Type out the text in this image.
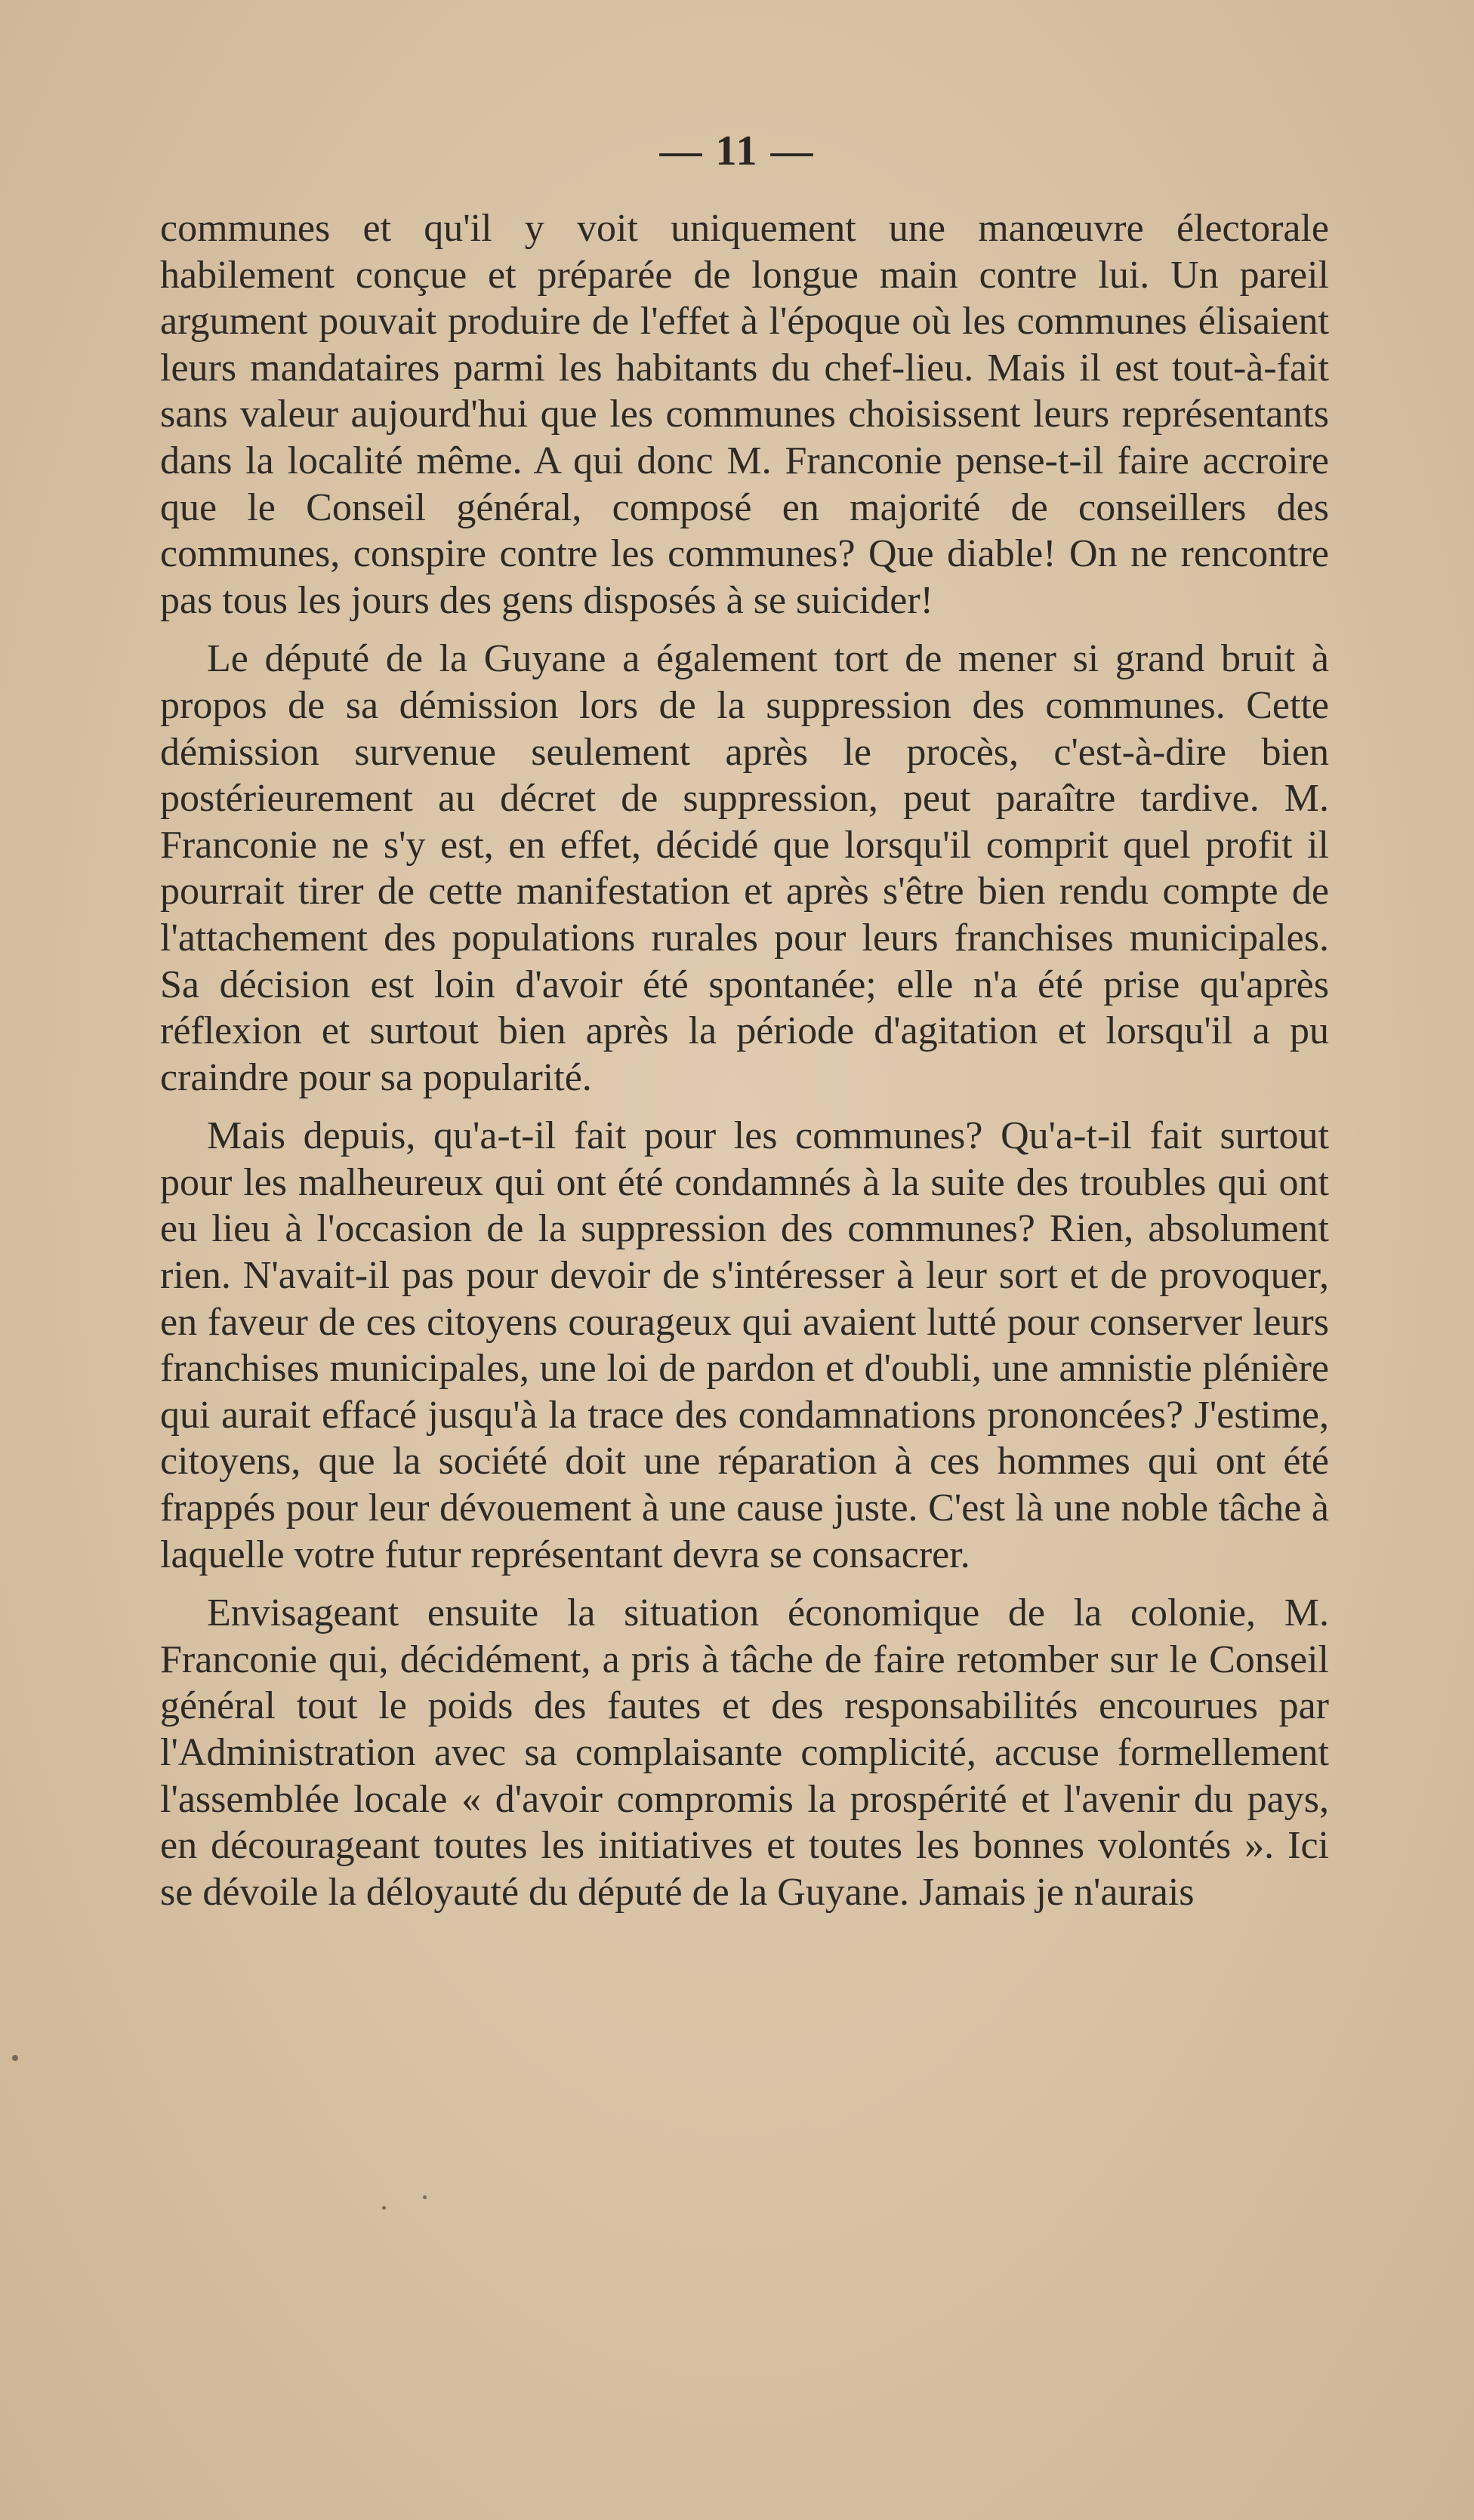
— 11 —

communes et qu'il y voit uniquement une manœuvre électorale habilement conçue et préparée de longue main contre lui. Un pareil argument pouvait produire de l'effet à l'époque où les communes élisaient leurs mandataires parmi les habitants du chef-lieu. Mais il est tout-à-fait sans valeur aujourd'hui que les communes choisissent leurs représentants dans la localité même. A qui donc M. Franconie pense-t-il faire accroire que le Conseil général, composé en majorité de conseillers des communes, conspire contre les communes? Que diable! On ne rencontre pas tous les jours des gens disposés à se suicider!

Le député de la Guyane a également tort de mener si grand bruit à propos de sa démission lors de la suppression des communes. Cette démission survenue seulement après le procès, c'est-à-dire bien postérieurement au décret de suppression, peut paraître tardive. M. Franconie ne s'y est, en effet, décidé que lorsqu'il comprit quel profit il pourrait tirer de cette manifestation et après s'être bien rendu compte de l'attachement des populations rurales pour leurs franchises municipales. Sa décision est loin d'avoir été spontanée; elle n'a été prise qu'après réflexion et surtout bien après la période d'agitation et lorsqu'il a pu craindre pour sa popularité.

Mais depuis, qu'a-t-il fait pour les communes? Qu'a-t-il fait surtout pour les malheureux qui ont été condamnés à la suite des troubles qui ont eu lieu à l'occasion de la suppression des communes? Rien, absolument rien. N'avait-il pas pour devoir de s'intéresser à leur sort et de provoquer, en faveur de ces citoyens courageux qui avaient lutté pour conserver leurs franchises municipales, une loi de pardon et d'oubli, une amnistie plénière qui aurait effacé jusqu'à la trace des condamnations prononcées? J'estime, citoyens, que la société doit une réparation à ces hommes qui ont été frappés pour leur dévouement à une cause juste. C'est là une noble tâche à laquelle votre futur représentant devra se consacrer.

Envisageant ensuite la situation économique de la colonie, M. Franconie qui, décidément, a pris à tâche de faire retomber sur le Conseil général tout le poids des fautes et des responsabilités encourues par l'Administration avec sa complaisante complicité, accuse formellement l'assemblée locale « d'avoir compromis la prospérité et l'avenir du pays, en décourageant toutes les initiatives et toutes les bonnes volontés ». Ici se dévoile la déloyauté du député de la Guyane. Jamais je n'aurais
